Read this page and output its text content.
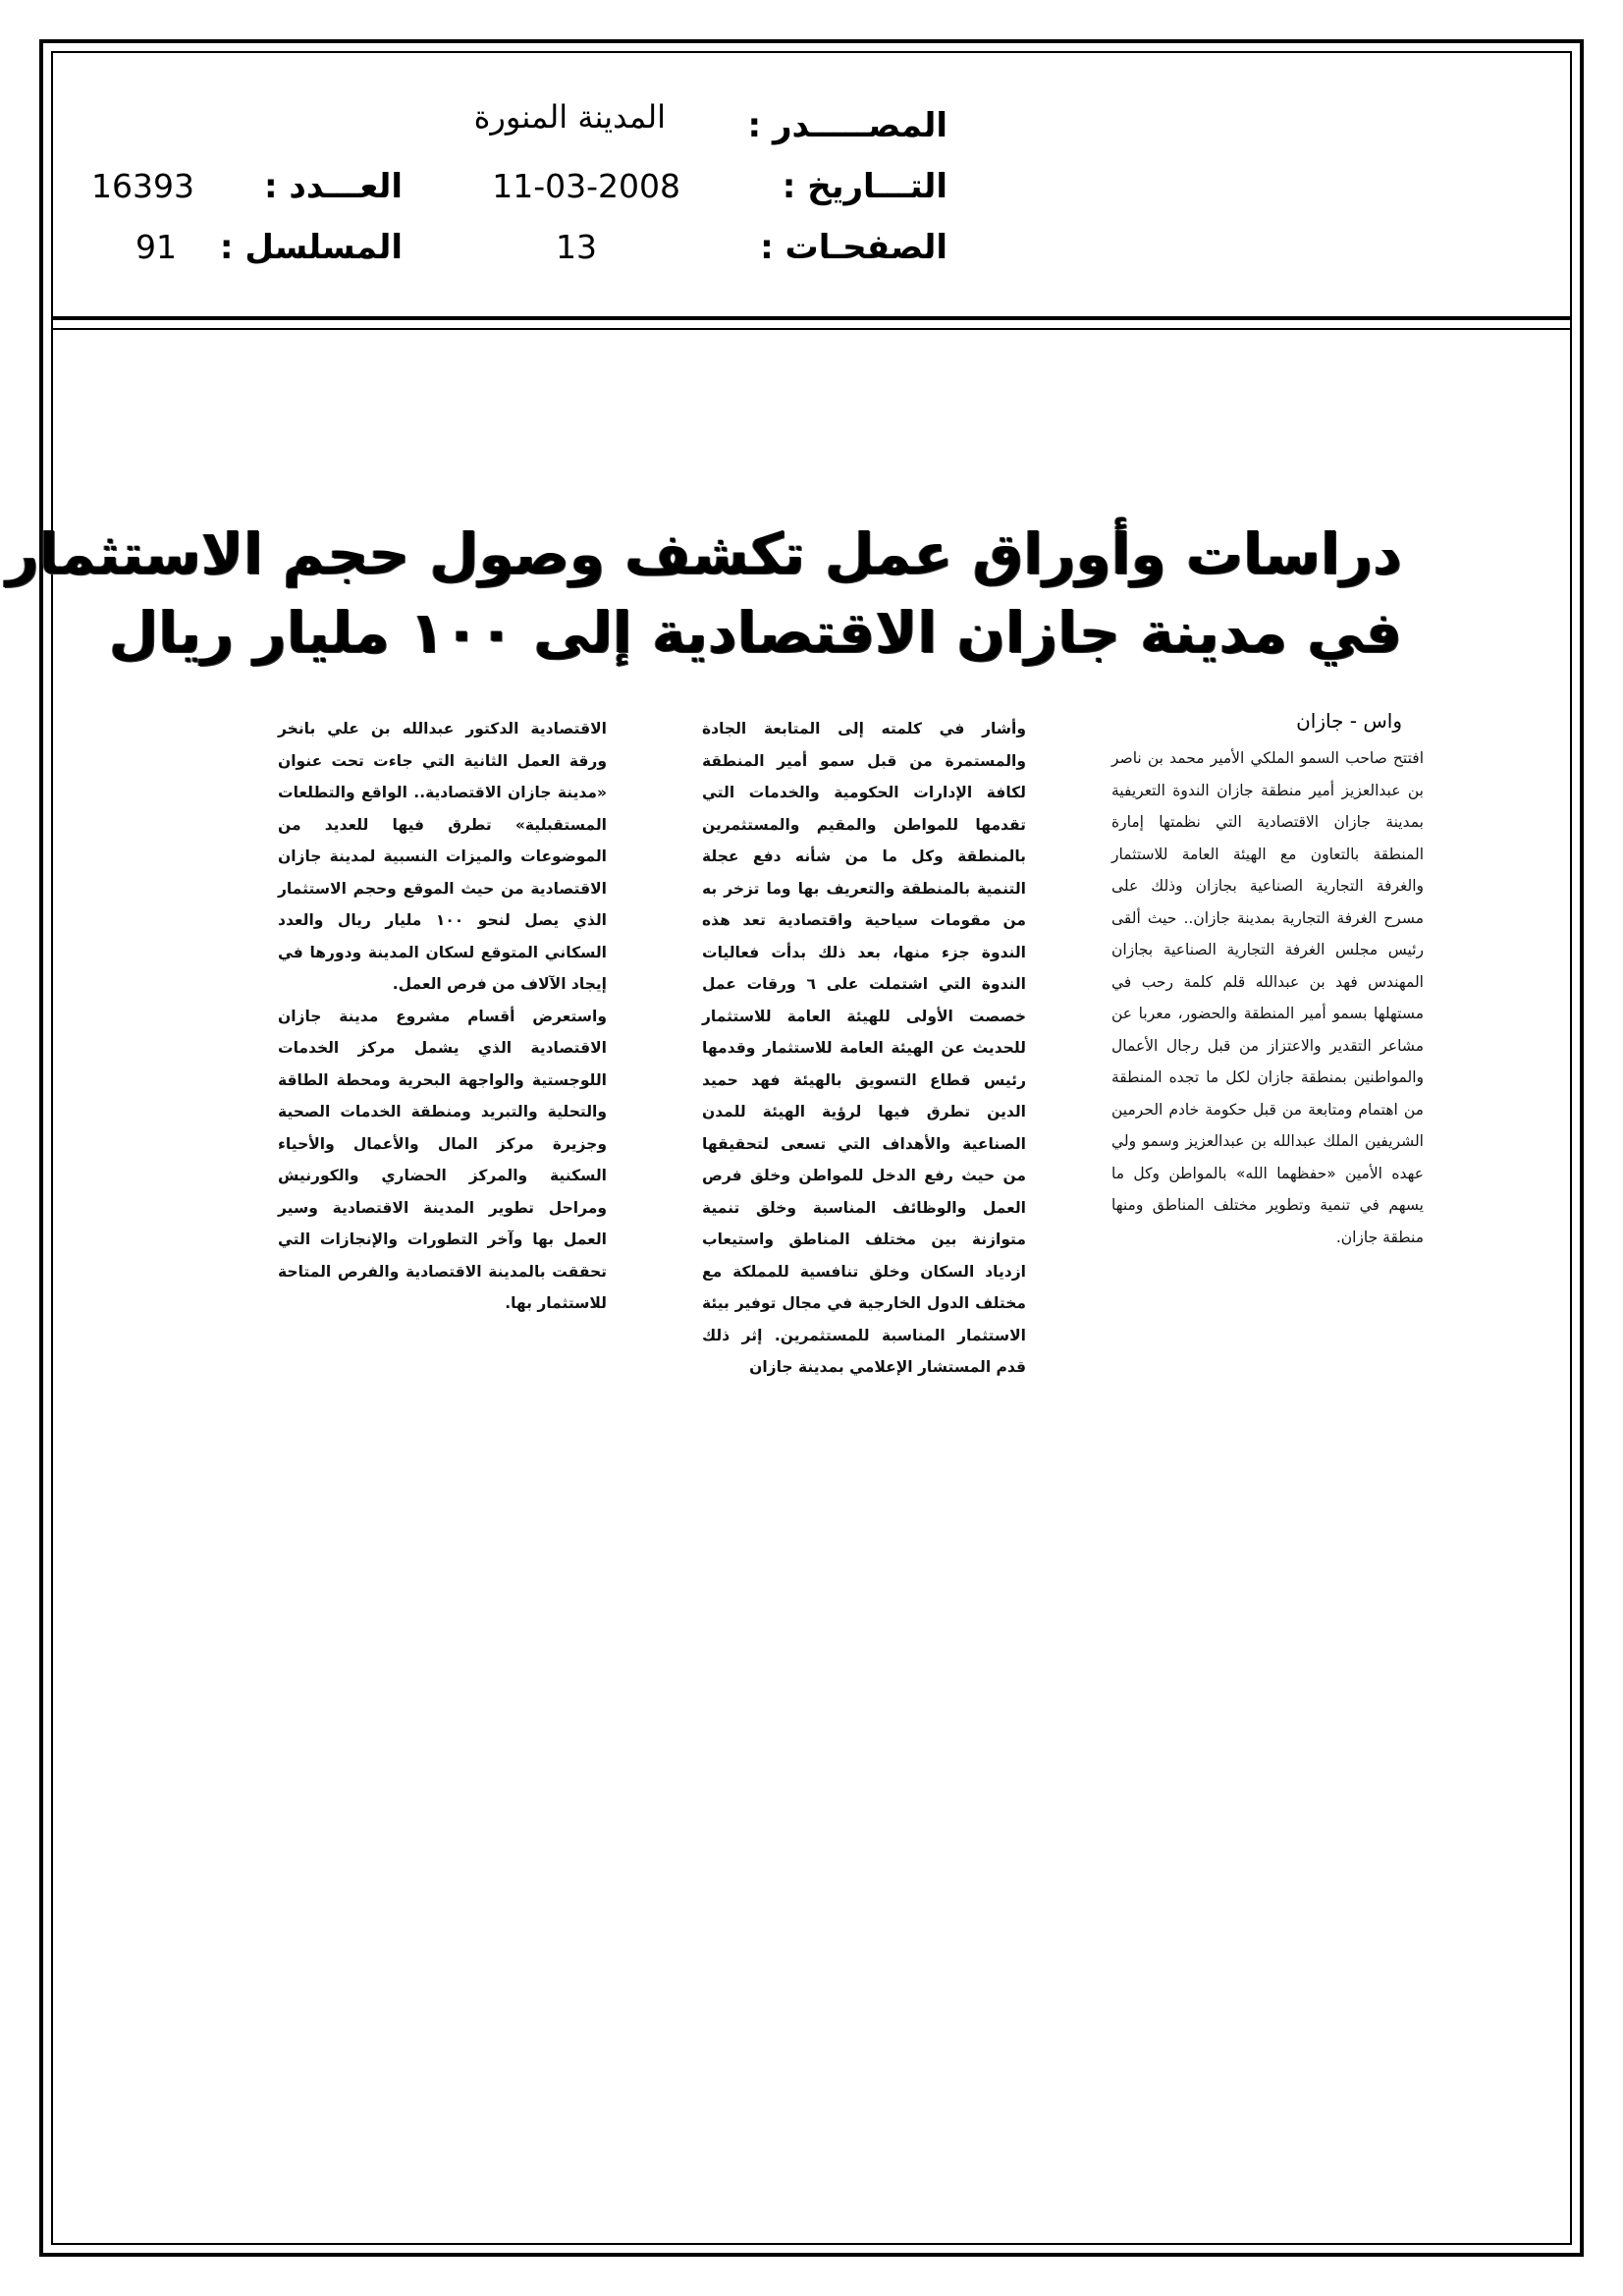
المصـــــدر :
المدينة المنورة
التـــاريخ :
11-03-2008
العـــدد :
16393
الصفحـات :
13
المسلسل :
91
دراسات وأوراق عمل تكشف وصول حجم الاستثمار
في مدينة جازان الاقتصادية إلى ١٠٠ مليار ريال
واس - جازان

افتتح صاحب السمو الملكي الأمير محمد بن ناصر بن عبدالعزيز أمير منطقة جازان الندوة التعريفية بمدينة جازان الاقتصادية التي نظمتها إمارة المنطقة بالتعاون مع الهيئة العامة للاستثمار والغرفة التجارية الصناعية بجازان وذلك على مسرح الغرفة التجارية بمدينة جازان.. حيث ألقى رئيس مجلس الغرفة التجارية الصناعية بجازان المهندس فهد بن عبدالله قلم كلمة رحب في مستهلها بسمو أمير المنطقة والحضور، معربا عن مشاعر التقدير والاعتزاز من قبل رجال الأعمال والمواطنين بمنطقة جازان لكل ما تجده المنطقة من اهتمام ومتابعة من قبل حكومة خادم الحرمين الشريفين الملك عبدالله بن عبدالعزيز وسمو ولي عهده الأمين «حفظهما الله» بالمواطن وكل ما يسهم في تنمية وتطوير مختلف المناطق ومنها منطقة جازان.

وأشار في كلمته إلى المتابعة الجادة والمستمرة من قبل سمو أمير المنطقة لكافة الإدارات الحكومية والخدمات التي تقدمها للمواطن والمقيم والمستثمرين بالمنطقة وكل ما من شأنه دفع عجلة التنمية بالمنطقة والتعريف بها وما تزخر به من مقومات سياحية واقتصادية تعد هذه الندوة جزء منها، بعد ذلك بدأت فعاليات الندوة التي اشتملت على ٦ ورقات عمل خصصت الأولى للهيئة العامة للاستثمار للحديث عن الهيئة العامة للاستثمار وقدمها رئيس قطاع التسويق بالهيئة فهد حميد الدين تطرق فيها لرؤية الهيئة للمدن الصناعية والأهداف التي تسعى لتحقيقها من حيث رفع الدخل للمواطن وخلق فرص العمل والوظائف المناسبة وخلق تنمية متوازنة بين مختلف المناطق واستيعاب ازدياد السكان وخلق تنافسية للمملكة مع مختلف الدول الخارجية في مجال توفير بيئة الاستثمار المناسبة للمستثمرين. إثر ذلك قدم المستشار الإعلامي بمدينة جازان

الاقتصادية الدكتور عبدالله بن علي بانخر ورقة العمل الثانية التي جاءت تحت عنوان «مدينة جازان الاقتصادية.. الواقع والتطلعات المستقبلية» تطرق فيها للعديد من الموضوعات والميزات النسبية لمدينة جازان الاقتصادية من حيث الموقع وحجم الاستثمار الذي يصل لنحو ١٠٠ مليار ريال والعدد السكاني المتوقع لسكان المدينة ودورها في إيجاد الآلاف من فرص العمل.

واستعرض أقسام مشروع مدينة جازان الاقتصادية الذي يشمل مركز الخدمات اللوجستية والواجهة البحرية ومحطة الطاقة والتحلية والتبريد ومنطقة الخدمات الصحية وجزيرة مركز المال والأعمال والأحياء السكنية والمركز الحضاري والكورنيش ومراحل تطوير المدينة الاقتصادية وسير العمل بها وآخر التطورات والإنجازات التي تحققت بالمدينة الاقتصادية والفرص المتاحة للاستثمار بها.
